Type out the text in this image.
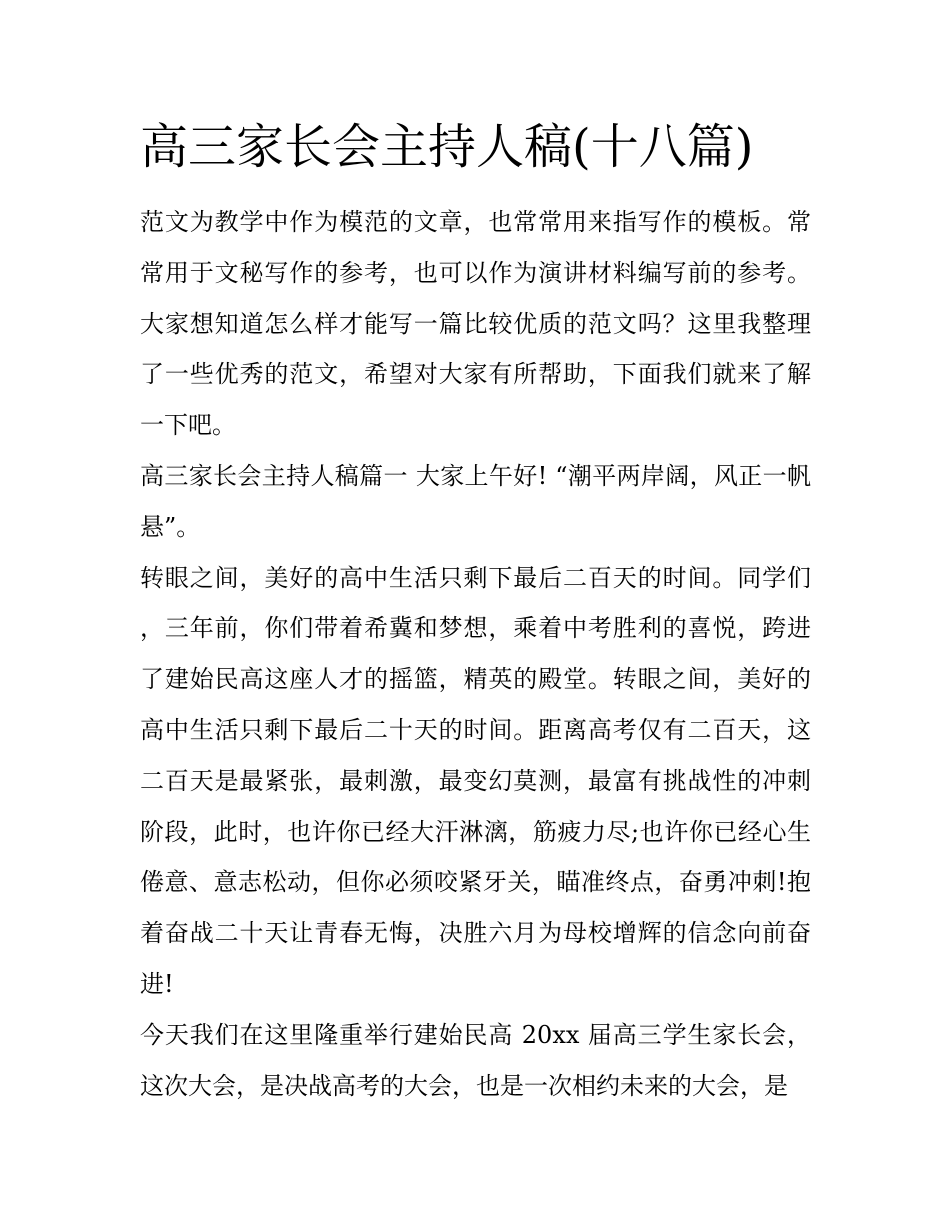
高三家长会主持人稿(十八篇)

范文为教学中作为模范的文章，也常常用来指写作的模板。常常用于文秘写作的参考，也可以作为演讲材料编写前的参考。大家想知道怎么样才能写一篇比较优质的范文吗？这里我整理了一些优秀的范文，希望对大家有所帮助，下面我们就来了解一下吧。

高三家长会主持人稿篇一 大家上午好! “潮平两岸阔，风正一帆悬”。

转眼之间，美好的高中生活只剩下最后二百天的时间。同学们，三年前，你们带着希冀和梦想，乘着中考胜利的喜悦，跨进了建始民高这座人才的摇篮，精英的殿堂。转眼之间，美好的高中生活只剩下最后二十天的时间。距离高考仅有二百天，这二百天是最紧张，最刺激，最变幻莫测，最富有挑战性的冲刺阶段，此时，也许你已经大汗淋漓，筋疲力尽;也许你已经心生倦意、意志松动，但你必须咬紧牙关，瞄准终点，奋勇冲刺!抱着奋战二十天让青春无悔，决胜六月为母校增辉的信念向前奋进!

今天我们在这里隆重举行建始民高 20xx 届高三学生家长会，这次大会，是决战高考的大会，也是一次相约未来的大会，是
